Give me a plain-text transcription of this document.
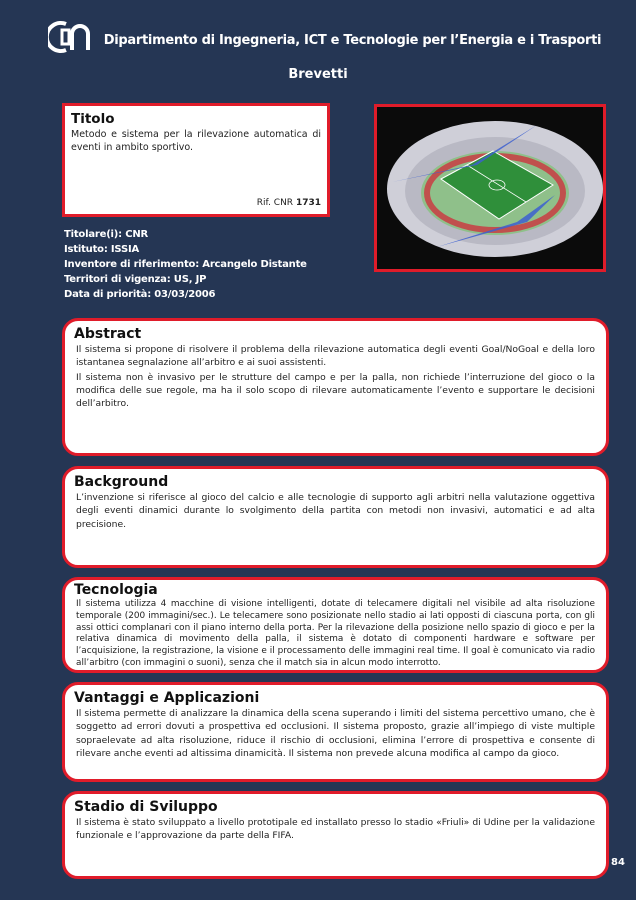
Dipartimento di Ingegneria, ICT e Tecnologie per l’Energia e i Trasporti
Brevetti
Titolo
Metodo e sistema per la rilevazione automatica di eventi in ambito sportivo.
Rif. CNR 1731
Titolare(i): CNR
Istituto: ISSIA
Inventore di riferimento: Arcangelo Distante
Territori di vigenza: US, JP
Data di priorità: 03/03/2006
Abstract
Il sistema si propone di risolvere il problema della rilevazione automatica degli eventi Goal/NoGoal e della loro istantanea segnalazione all’arbitro e ai suoi assistenti.
Il sistema non è invasivo per le strutture del campo e per la palla, non richiede l’interruzione del gioco o la modifica delle sue regole, ma ha il solo scopo di rilevare automaticamente l’evento e supportare le decisioni dell’arbitro.
Background
L’invenzione si riferisce al gioco del calcio e alle tecnologie di supporto agli arbitri nella valutazione oggettiva degli eventi dinamici durante lo svolgimento della partita con metodi non invasivi, automatici e ad alta precisione.
Tecnologia
Il sistema utilizza 4 macchine di visione intelligenti, dotate di telecamere digitali nel visibile ad alta risoluzione temporale (200 immagini/sec.). Le telecamere sono posizionate nello stadio ai lati opposti di ciascuna porta, con gli assi ottici complanari con il piano interno della porta. Per la rilevazione della posizione nello spazio di gioco e per la relativa dinamica di movimento della palla, il sistema è dotato di componenti hardware e software per l’acquisizione, la registrazione, la visione e il processamento delle immagini real time. Il goal è comunicato via radio all’arbitro (con immagini o suoni), senza che il match sia in alcun modo interrotto.
Vantaggi e Applicazioni
Il sistema permette di analizzare la dinamica della scena superando i limiti del sistema percettivo umano, che è soggetto ad errori dovuti a prospettiva ed occlusioni. Il sistema proposto, grazie all’impiego di viste multiple sopraelevate ad alta risoluzione, riduce il rischio di occlusioni, elimina l’errore di prospettiva e consente di rilevare anche eventi ad altissima dinamicità. Il sistema non prevede alcuna modifica al campo da gioco.
Stadio di Sviluppo
Il sistema è stato sviluppato a livello prototipale ed installato presso lo stadio «Friuli» di Udine per la validazione funzionale e l’approvazione da parte della FIFA.
84
